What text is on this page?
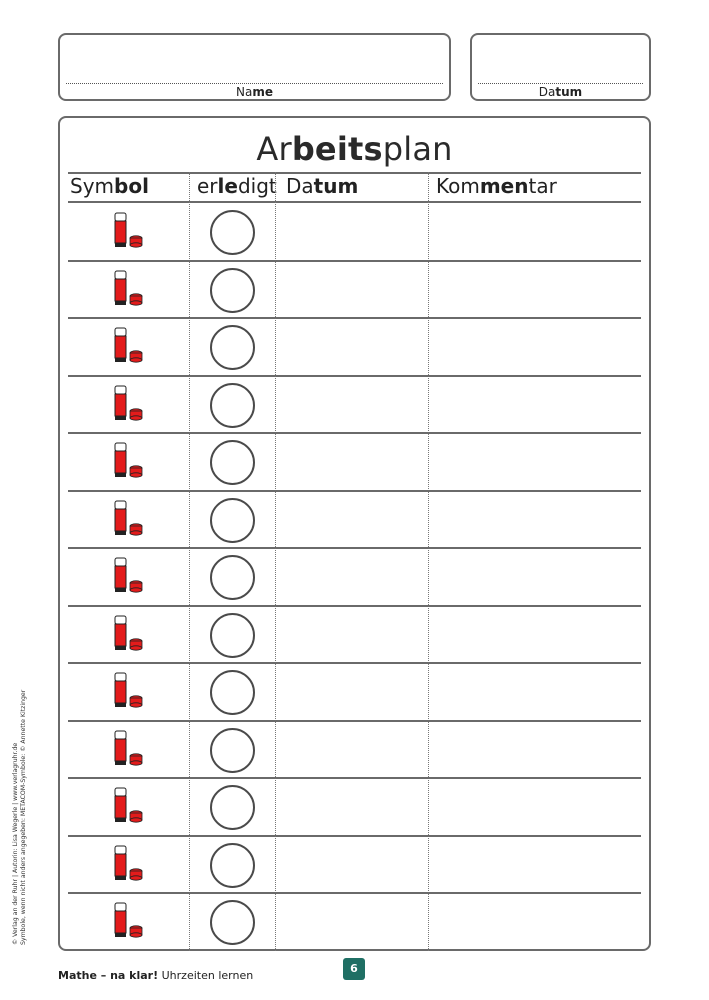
Name	Datum
Arbeitsplan
Symbol erledigt Datum	Kommentar
© Verlag an der Ruhr | Autorin: Lisa Wegerle | www.verlagruhr.de Symbole, wenn nicht anders angegeben: METACOM-Symbole: © Annette Kitzinger
Mathe – na klar! Uhrzeiten lernen
6
